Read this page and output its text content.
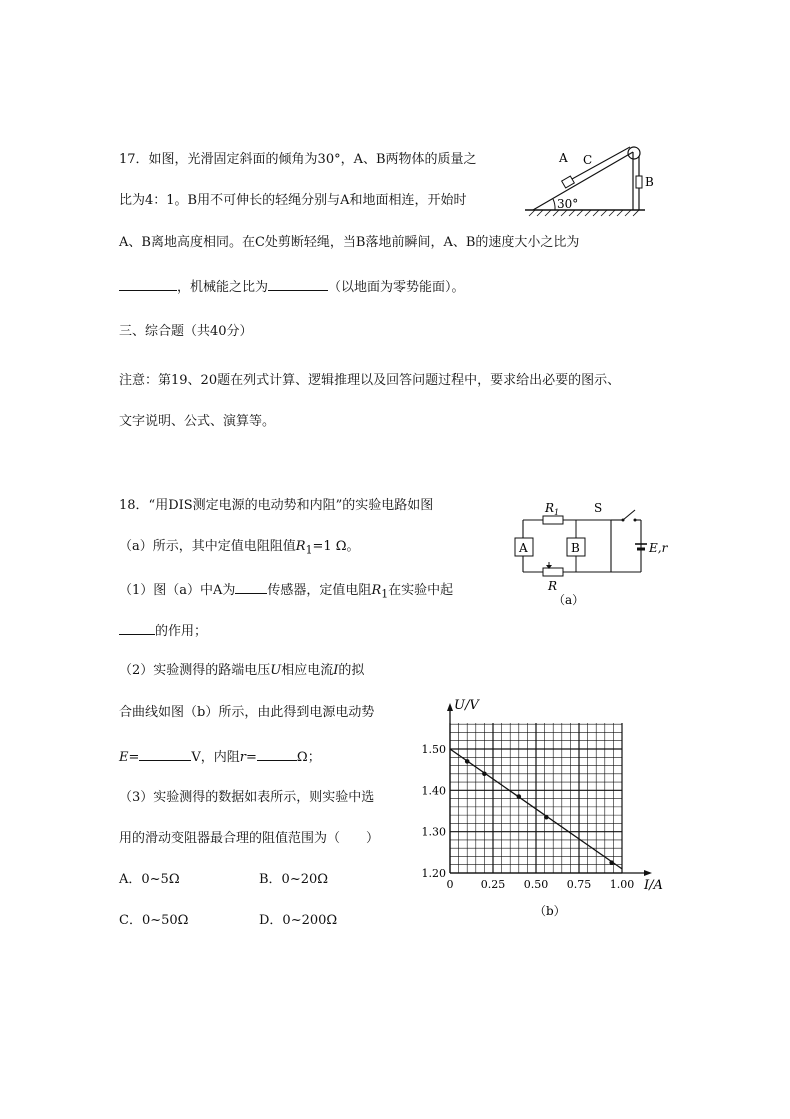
17．如图，光滑固定斜面的倾角为30°，A、B两物体的质量之
比为4：1。B用不可伸长的轻绳分别与A和地面相连，开始时
A、B离地高度相同。在C处剪断轻绳，当B落地前瞬间，A、B的速度大小之比为
，机械能之比为	（以地面为零势能面）。
A C
B
30°
三、综合题（共40分）
注意：第19、20题在列式计算、逻辑推理以及回答问题过程中，要求给出必要的图示、
文字说明、公式、演算等。
18．“用DIS测定电源的电动势和内阻”的实验电路如图
（a）所示，其中定值电阻阻值$R_1=1$ Ω。
（1）图（a）中A为 传感器，定值电阻$R_1$在实验中起
的作用；
（2）实验测得的路端电压U相应电流I的拟
合曲线如图（b）所示，由此得到电源电动势
E=	V，内阻r=	Ω；
（3）实验测得的数据如表所示，则实验中选
用的滑动变阻器最合理的阻值范围为（　　）
A．0~5Ω	B．0~20Ω
C．0~50Ω	D．0~200Ω
$R_1$	S
A	B
R
E,r
（a）
0 0.25 0.50 0.75 1.00
1.20
1.30
1.40
1.50
U/V
I/A
（b）
